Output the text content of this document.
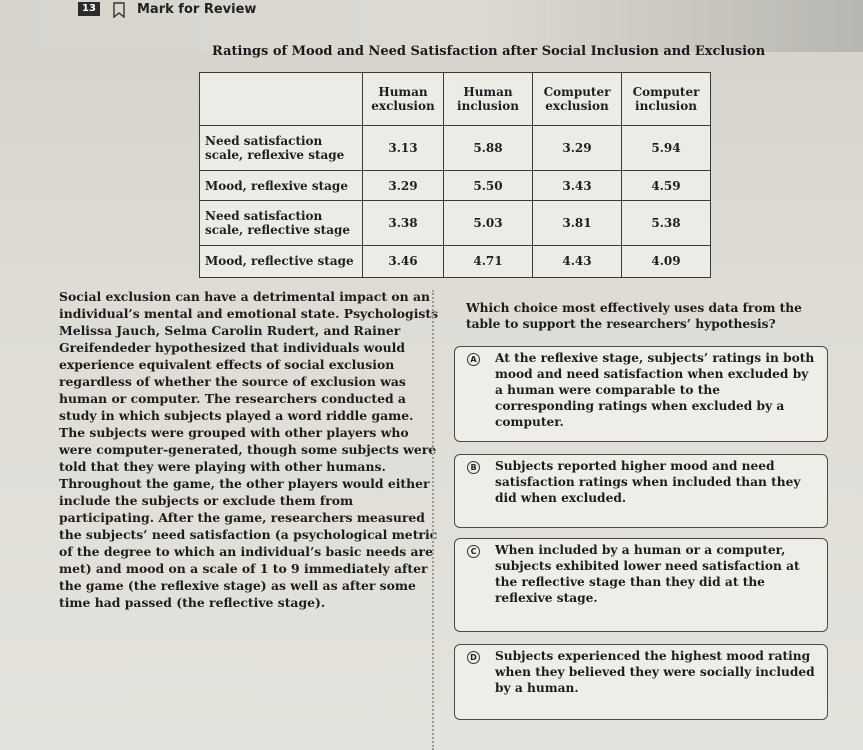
13	Mark for Review
Ratings of Mood and Need Satisfaction after Social Inclusion and Exclusion
	Human exclusion	Human inclusion	Computer exclusion	Computer inclusion
Need satisfaction scale, reflexive stage	3.13	5.88	3.29	5.94
Mood, reflexive stage	3.29	5.50	3.43	4.59
Need satisfaction scale, reflective stage	3.38	5.03	3.81	5.38
Mood, reflective stage	3.46	4.71	4.43	4.09
Social exclusion can have a detrimental impact on an individual’s mental and emotional state. Psychologists Melissa Jauch, Selma Carolin Rudert, and Rainer Greifendeder hypothesized that individuals would experience equivalent effects of social exclusion regardless of whether the source of exclusion was human or computer. The researchers conducted a study in which subjects played a word riddle game. The subjects were grouped with other players who were computer-generated, though some subjects were told that they were playing with other humans. Throughout the game, the other players would either include the subjects or exclude them from participating. After the game, researchers measured the subjects’ need satisfaction (a psychological metric of the degree to which an individual’s basic needs are met) and mood on a scale of 1 to 9 immediately after the game (the reflexive stage) as well as after some time had passed (the reflective stage).
Which choice most effectively uses data from the table to support the researchers’ hypothesis?
A At the reflexive stage, subjects’ ratings in both mood and need satisfaction when excluded by a human were comparable to the corresponding ratings when excluded by a computer.
B Subjects reported higher mood and need satisfaction ratings when included than they did when excluded.
C When included by a human or a computer, subjects exhibited lower need satisfaction at the reflective stage than they did at the reflexive stage.
D Subjects experienced the highest mood rating when they believed they were socially included by a human.
